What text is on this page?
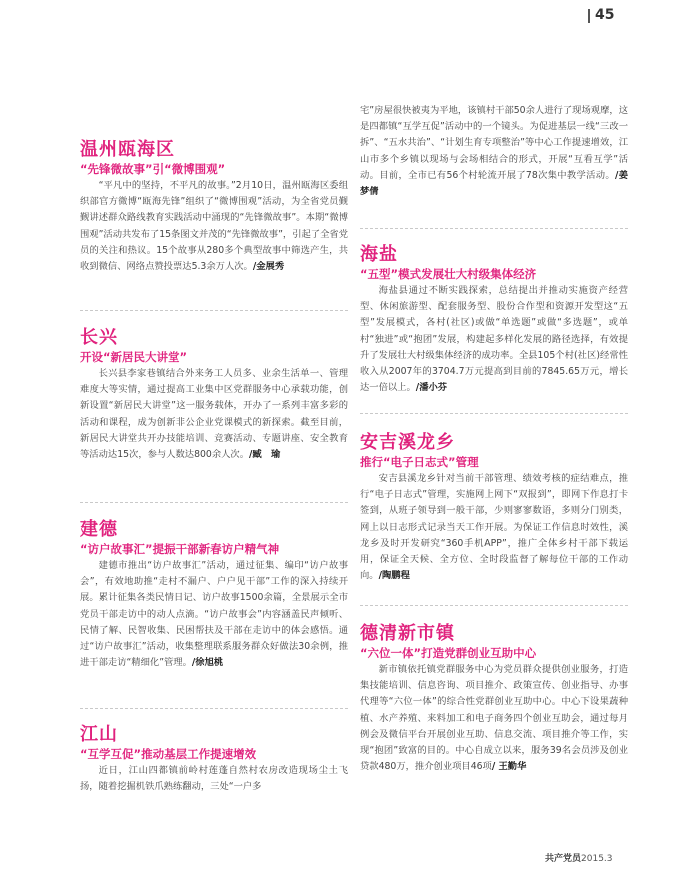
45
温州瓯海区
“先锋微故事”引“微博围观”

“平凡中的坚持，不平凡的故事。”2月10日，温州瓯海区委组织部官方微博“瓯海先锋”组织了“微博围观”活动，为全省党员觐觐讲述群众路线教育实践活动中涌现的“先锋微故事”。本期“微博围观”活动共发布了15条图文并茂的“先锋微故事”，引起了全省党员的关注和热议。15个故事从280多个典型故事中筛选产生，共收到微信、网络点赞投票达5.3余万人次。/金展秀

长兴
开设“新居民大讲堂”

长兴县李家巷镇结合外来务工人员多、业余生活单一、管理难度大等实情，通过提高工业集中区党群服务中心承载功能，创新设置“新居民大讲堂”这一服务载体，开办了一系列丰富多彩的活动和课程，成为创新非公企业党课模式的新探索。截至目前，新居民大讲堂共开办技能培训、竞赛活动、专题讲座、安全教育等活动达15次，参与人数达800余人次。/臧　瑜

建德
“访户故事汇”提振干部新春访户精气神

建德市推出“访户故事汇”活动，通过征集、编印“访户故事会”，有效地助推“走村不漏户、户户见干部”工作的深入持续开展。累计征集各类民情日记、访户故事1500余篇，全景展示全市党员干部走访中的动人点滴。“访户故事会”内容涵盖民声倾听、民情了解、民智收集、民困帮扶及干部在走访中的体会感悟。通过“访户故事汇”活动，收集整理联系服务群众好做法30余例，推进干部走访“精细化”管理。/徐旭桃

江山
“互学互促”推动基层工作提速增效

近日，江山四都镇前岭村莲蓬自然村农房改造现场尘土飞扬，随着挖掘机铁爪熟练翻动，三处“一户多

宅”房屋很快被夷为平地，该镇村干部50余人进行了现场观摩，这是四都镇“互学互促”活动中的一个镜头。为促进基层一线“三改一拆”、“五水共治”、“计划生育专项整治”等中心工作提速增效，江山市多个乡镇以现场与会场相结合的形式，开展“互看互学”活动。目前，全市已有56个村轮流开展了78次集中教学活动。/姜梦倩

海盐
“五型”模式发展壮大村级集体经济

海盐县通过不断实践探索，总结提出并推动实施资产经营型、休闲旅游型、配套服务型、股份合作型和资源开发型这“五型”发展模式，各村(社区)或做“单选题”或做“多选题”，或单村“独进”或“抱团”发展，构建起多样化发展的路径选择，有效提升了发展壮大村级集体经济的成功率。全县105个村(社区)经常性收入从2007年的3704.7万元提高到目前的7845.65万元，增长达一倍以上。/潘小芬

安吉溪龙乡
推行“电子日志式”管理

安吉县溪龙乡针对当前干部管理、绩效考核的症结难点，推行“电子日志式”管理，实施网上网下“双报到”，即网下作息打卡签到，从班子领导到一般干部，少则寥寥数语，多则分门别类，网上以日志形式记录当天工作开展。为保证工作信息时效性，溪龙乡及时开发研究“360手机APP”，推广全体乡村干部下载运用，保证全天候、全方位、全时段监督了解每位干部的工作动向。/陶鹏程

德清新市镇
“六位一体”打造党群创业互助中心

新市镇依托镇党群服务中心为党员群众提供创业服务，打造集技能培训、信息咨询、项目推介、政策宣传、创业指导、办事代理等“六位一体”的综合性党群创业互助中心。中心下设果蔬种植、水产养殖、来料加工和电子商务四个创业互助会，通过每月例会及微信平台开展创业互助、信息交流、项目推介等工作，实现“抱团”致富的目的。中心自成立以来，服务39名会员涉及创业贷款480万，推介创业项目46项/ 王勤华

共产党员2015.3
